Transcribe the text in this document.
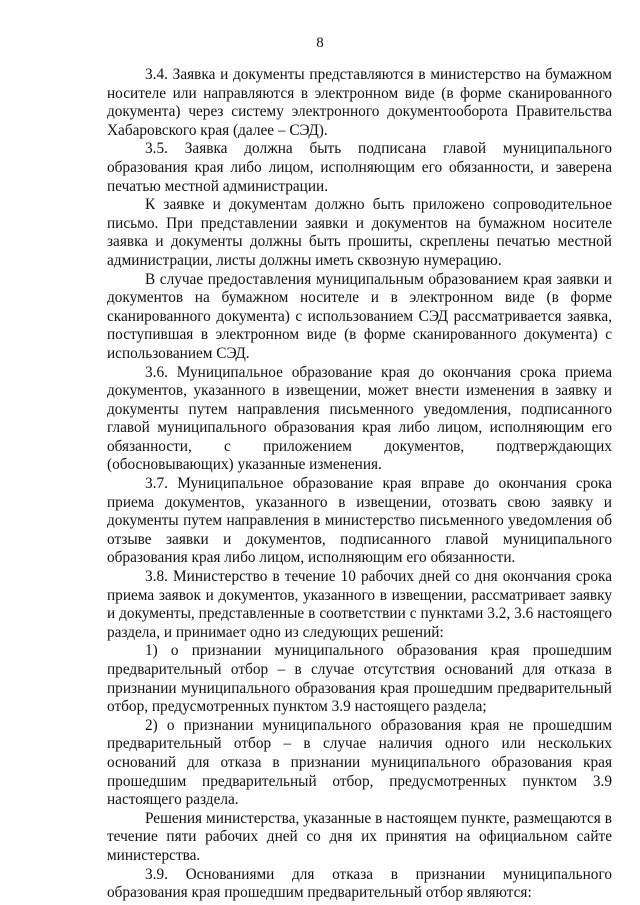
8

3.4. Заявка и документы представляются в министерство на бумажном носителе или направляются в электронном виде (в форме сканированного документа) через систему электронного документооборота Правительства Хабаровского края (далее – СЭД).

3.5. Заявка должна быть подписана главой муниципального образования края либо лицом, исполняющим его обязанности, и заверена печатью местной администрации.

К заявке и документам должно быть приложено сопроводительное письмо. При представлении заявки и документов на бумажном носителе заявка и документы должны быть прошиты, скреплены печатью местной администрации, листы должны иметь сквозную нумерацию.

В случае предоставления муниципальным образованием края заявки и документов на бумажном носителе и в электронном виде (в форме сканированного документа) с использованием СЭД рассматривается заявка, поступившая в электронном виде (в форме сканированного документа) с использованием СЭД.

3.6. Муниципальное образование края до окончания срока приема документов, указанного в извещении, может внести изменения в заявку и документы путем направления письменного уведомления, подписанного главой муниципального образования края либо лицом, исполняющим его обязанности, с приложением документов, подтверждающих (обосновывающих) указанные изменения.

3.7. Муниципальное образование края вправе до окончания срока приема документов, указанного в извещении, отозвать свою заявку и документы путем направления в министерство письменного уведомления об отзыве заявки и документов, подписанного главой муниципального образования края либо лицом, исполняющим его обязанности.

3.8. Министерство в течение 10 рабочих дней со дня окончания срока приема заявок и документов, указанного в извещении, рассматривает заявку и документы, представленные в соответствии с пунктами 3.2, 3.6 настоящего раздела, и принимает одно из следующих решений:

1) о признании муниципального образования края прошедшим предварительный отбор – в случае отсутствия оснований для отказа в признании муниципального образования края прошедшим предварительный отбор, предусмотренных пунктом 3.9 настоящего раздела;

2) о признании муниципального образования края не прошедшим предварительный отбор – в случае наличия одного или нескольких оснований для отказа в признании муниципального образования края прошедшим предварительный отбор, предусмотренных пунктом 3.9 настоящего раздела.

Решения министерства, указанные в настоящем пункте, размещаются в течение пяти рабочих дней со дня их принятия на официальном сайте министерства.

3.9. Основаниями для отказа в признании муниципального образования края прошедшим предварительный отбор являются:
